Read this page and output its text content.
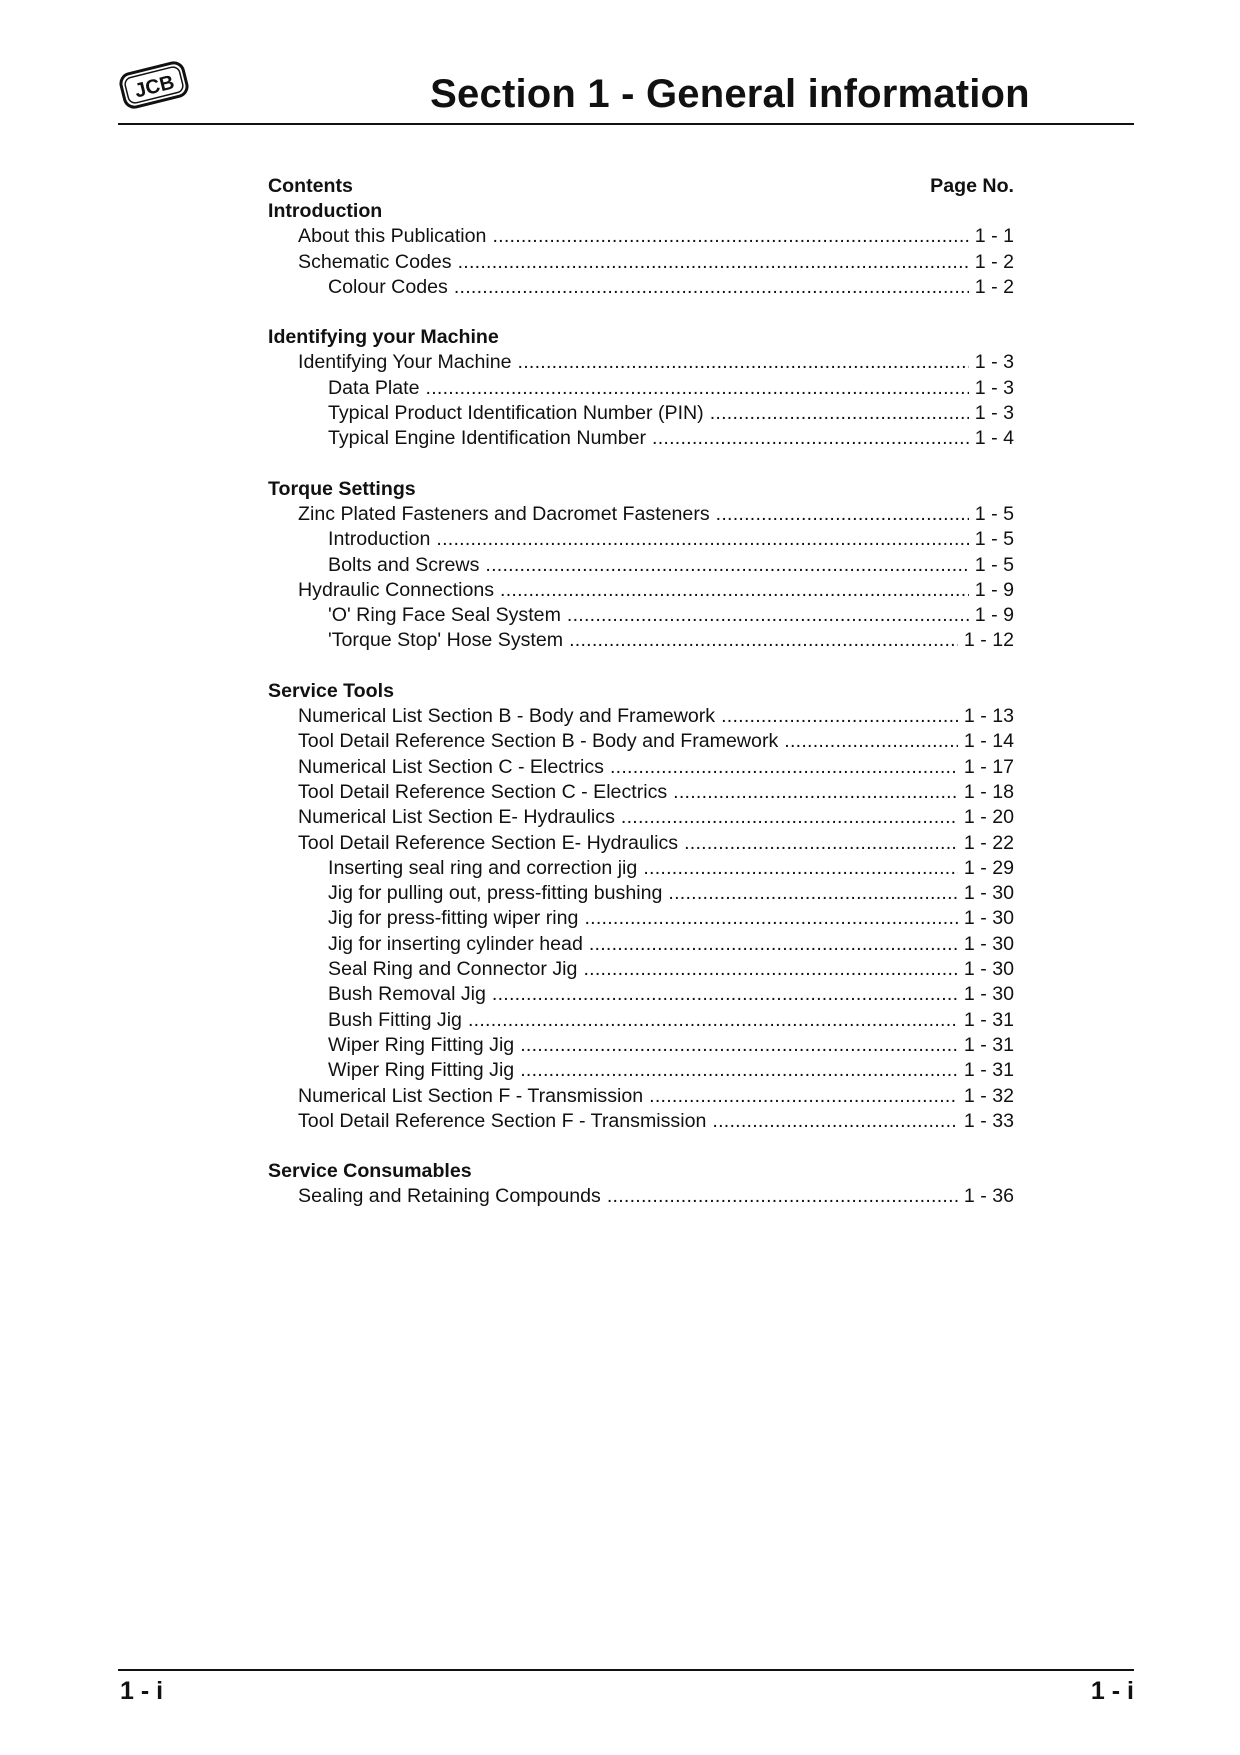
JCB	Section 1 - General information
Contents	Page No.
Introduction
About this Publication . . .	1 - 1
Schematic Codes . . .	1 - 2
Colour Codes . . .	1 - 2
Identifying your Machine
Identifying Your Machine . . .	1 - 3
Data Plate . . .	1 - 3
Typical Product Identification Number (PIN) . . .	1 - 3
Typical Engine Identification Number . . .	1 - 4
Torque Settings
Zinc Plated Fasteners and Dacromet Fasteners . . .	1 - 5
Introduction . . .	1 - 5
Bolts and Screws . . .	1 - 5
Hydraulic Connections . . .	1 - 9
'O' Ring Face Seal System . . .	1 - 9
'Torque Stop' Hose System . . .	1 - 12
Service Tools
Numerical List Section B - Body and Framework . . .	1 - 13
Tool Detail Reference Section B - Body and Framework . . .	1 - 14
Numerical List Section C - Electrics . . .	1 - 17
Tool Detail Reference Section C - Electrics . . .	1 - 18
Numerical List Section E- Hydraulics . . .	1 - 20
Tool Detail Reference Section E- Hydraulics . . .	1 - 22
Inserting seal ring and correction jig . . .	1 - 29
Jig for pulling out, press-fitting bushing . . .	1 - 30
Jig for press-fitting wiper ring . . .	1 - 30
Jig for inserting cylinder head . . .	1 - 30
Seal Ring and Connector Jig . . .	1 - 30
Bush Removal Jig . . .	1 - 30
Bush Fitting Jig . . .	1 - 31
Wiper Ring Fitting Jig . . .	1 - 31
Wiper Ring Fitting Jig . . .	1 - 31
Numerical List Section F - Transmission . . .	1 - 32
Tool Detail Reference Section F - Transmission . . .	1 - 33
Service Consumables
Sealing and Retaining Compounds . . .	1 - 36
1 - i	1 - i
